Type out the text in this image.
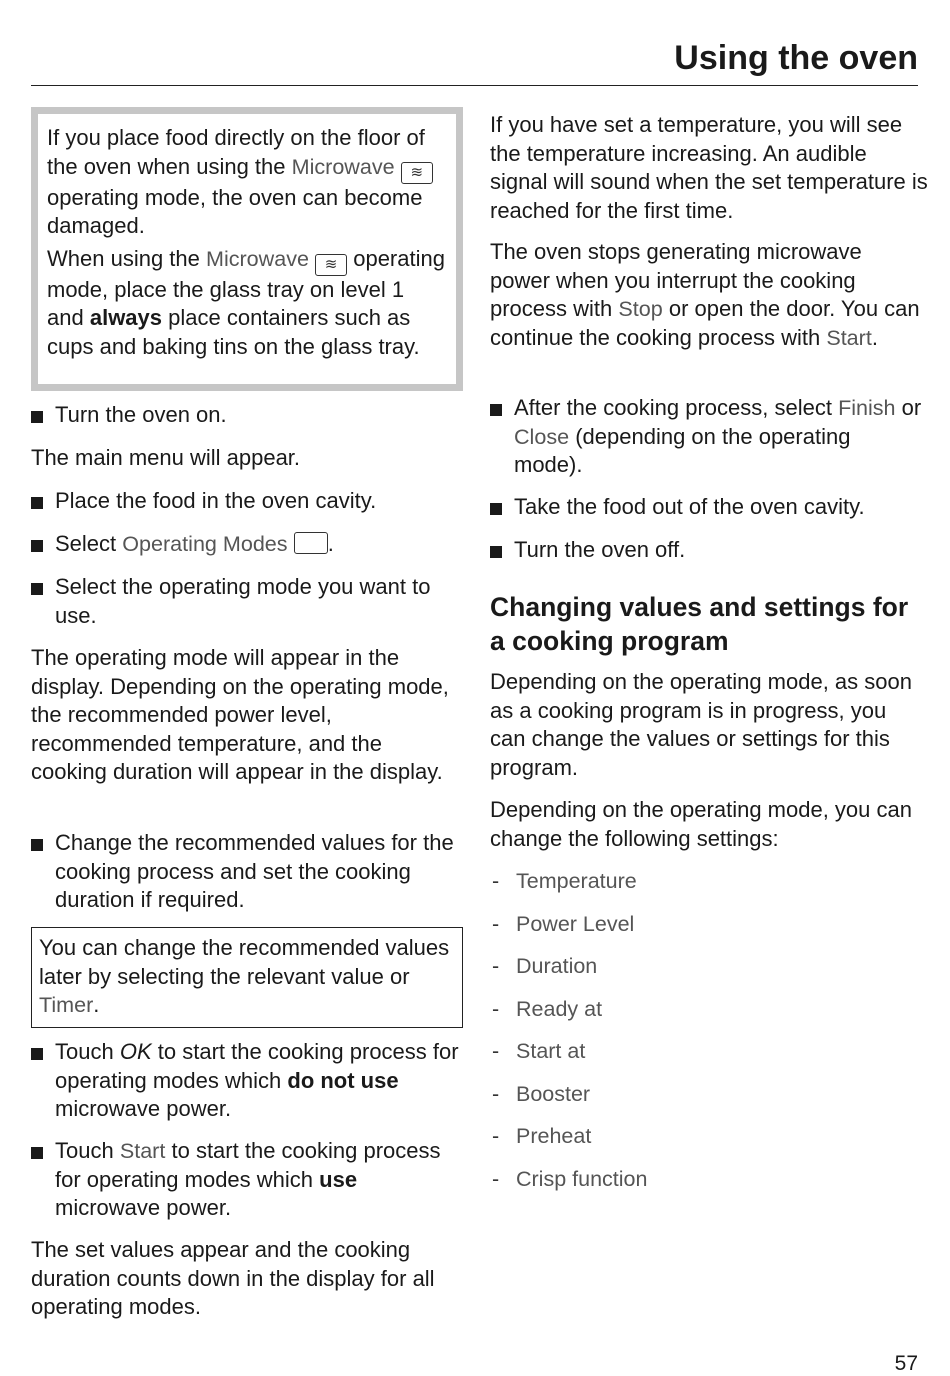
Using the oven

If you place food directly on the floor of the oven when using the Microwave ≋ operating mode, the oven can become damaged.

When using the Microwave ≋ operating mode, place the glass tray on level 1 and always place containers such as cups and baking tins on the glass tray.

Turn the oven on.

The main menu will appear.

Place the food in the oven cavity.

Select Operating Modes .

Select the operating mode you want to use.

The operating mode will appear in the display. Depending on the operating mode, the recommended power level, recommended temperature, and the cooking duration will appear in the display.

Change the recommended values for the cooking process and set the cooking duration if required.

You can change the recommended values later by selecting the relevant value or Timer.

Touch OK to start the cooking process for operating modes which do not use microwave power.

Touch Start to start the cooking process for operating modes which use microwave power.

The set values appear and the cooking duration counts down in the display for all operating modes.

If you have set a temperature, you will see the temperature increasing. An audible signal will sound when the set temperature is reached for the first time.

The oven stops generating microwave power when you interrupt the cooking process with Stop or open the door. You can continue the cooking process with Start.

After the cooking process, select Finish or Close (depending on the operating mode).

Take the food out of the oven cavity.

Turn the oven off.

Changing values and settings for a cooking program

Depending on the operating mode, as soon as a cooking program is in progress, you can change the values or settings for this program.

Depending on the operating mode, you can change the following settings:

- Temperature
- Power Level
- Duration
- Ready at
- Start at
- Booster
- Preheat
- Crisp function
57
